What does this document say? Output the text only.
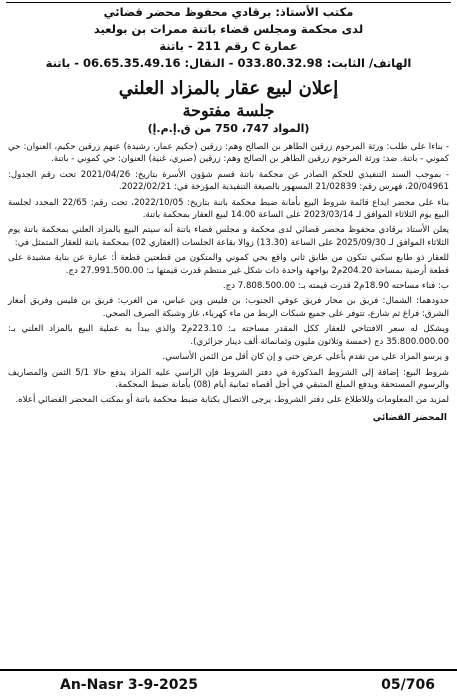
مكتب الأستاذ: برقادي محفوظ محضر قضائي
لدى محكمة ومجلس قضاء باتنة ممرات بن بولعيد
عمارة C رقم 211 - باتنة
الهاتف/ الثابت: 033.80.32.98 - النقال: 06.65.35.49.16 - باتنة
إعلان لبيع عقار بالمزاد العلني
جلسة مفتوحة
(المواد 747، 750 من ق.إ.م.إ)

- بناءا على طلب: ورثة المرحوم زرقين الطاهر بن الصالح وهم: زرقين (حكيم عمار، رشيدة) عنهم زرقين حكيم، العنوان: حي كموني - باتنة. ضد: ورثة المرحوم زرقين الطاهر بن الصالح وهم: زرقين (صبري، غنية) العنوان: حي كموني - باتنة.

- بموجب السند التنفيذي للحكم الصادر عن محكمة باتنة قسم شؤون الأسرة بتاريخ: 2021/04/26 تحت رقم الجدول: 20/04961، فهرس رقم: 21/02839 المسهور بالصيغة التنفيذية المؤرخة في: 2022/02/21.

بناء على محضر ايداع قائمة شروط البيع بأمانة ضبط محكمة باتنة بتاريخ: 2022/10/05، تحت رقم: 22/65 المحدد لجلسة البيع يوم الثلاثاء الموافق لـ 2023/03/14 على الساعة 14.00 لبيع العقار بمحكمة باتنة.

يعلن الأستاذ برقادي محفوظ محضر قضائي لدى محكمة و مجلس قضاء باتنة أنه سيتم البيع بالمزاد العلني بمحكمة باتنة يوم الثلاثاء الموافق لـ 2025/09/30 على الساعة (13.30) زوالا بقاعة الجلسات (العقاري 02) بمحكمة باتنة للعقار المتمثل في:

للعقار ذو طابع سكني تتكون من طابق ثاني واقع بحي كموني والمتكون من قطعتين قطعة أ: عبارة عن بناية مشيدة على قطعة أرضية بمساحة 204.20م2 بواجهة واحدة ذات شكل غير منتظم قدرت قيمتها بـ: 27.991.500.00 دج.

ب: فناء مساحته 18.90م2 قدرت قيمته بـ: 7.808.500.00 دج.

حدودهما: الشمال: فريق بن مخار فريق عوفي الجنوب: بن فليس وبن عباس، من الغرب: فريق بن فليس وفريق أمغار الشرق: فراغ ثم شارع، تتوفر على جميع شبكات الربط من ماء كهرباء، غاز وشبكة الصرف الصحي.

ويشكل له سعر الافتتاحي للعقار ككل المقدر مساحته بـ: 223.10م2 والذي يبدأ به عملية البيع بالمزاد العلني بـ: 35.800.000.00 دج (خمسة وثلاثون مليون وثمانمائة ألف دينار جزائري).

و يرسو المزاد على من تقدم بأعلى عرض حتى و إن كان أقل من الثمن الأساسي.

شروط البيع: إضافة إلى الشروط المذكورة في دفتر الشروط فإن الراسي عليه المزاد يدفع حالا 5/1 الثمن والمصاريف والرسوم المستحقة ويدفع المبلغ المتبقي في أجل أقصاه ثمانية أيام (08) بأمانة ضبط المحكمة.

لمزيد من المعلومات وللاطلاع على دفتر الشروط، يرجى الاتصال بكتابة ضبط محكمة باتنة أو بمكتب المحضر القضائي أعلاه.

المحضر القضائي
An-Nasr 3-9-2025	05/706
